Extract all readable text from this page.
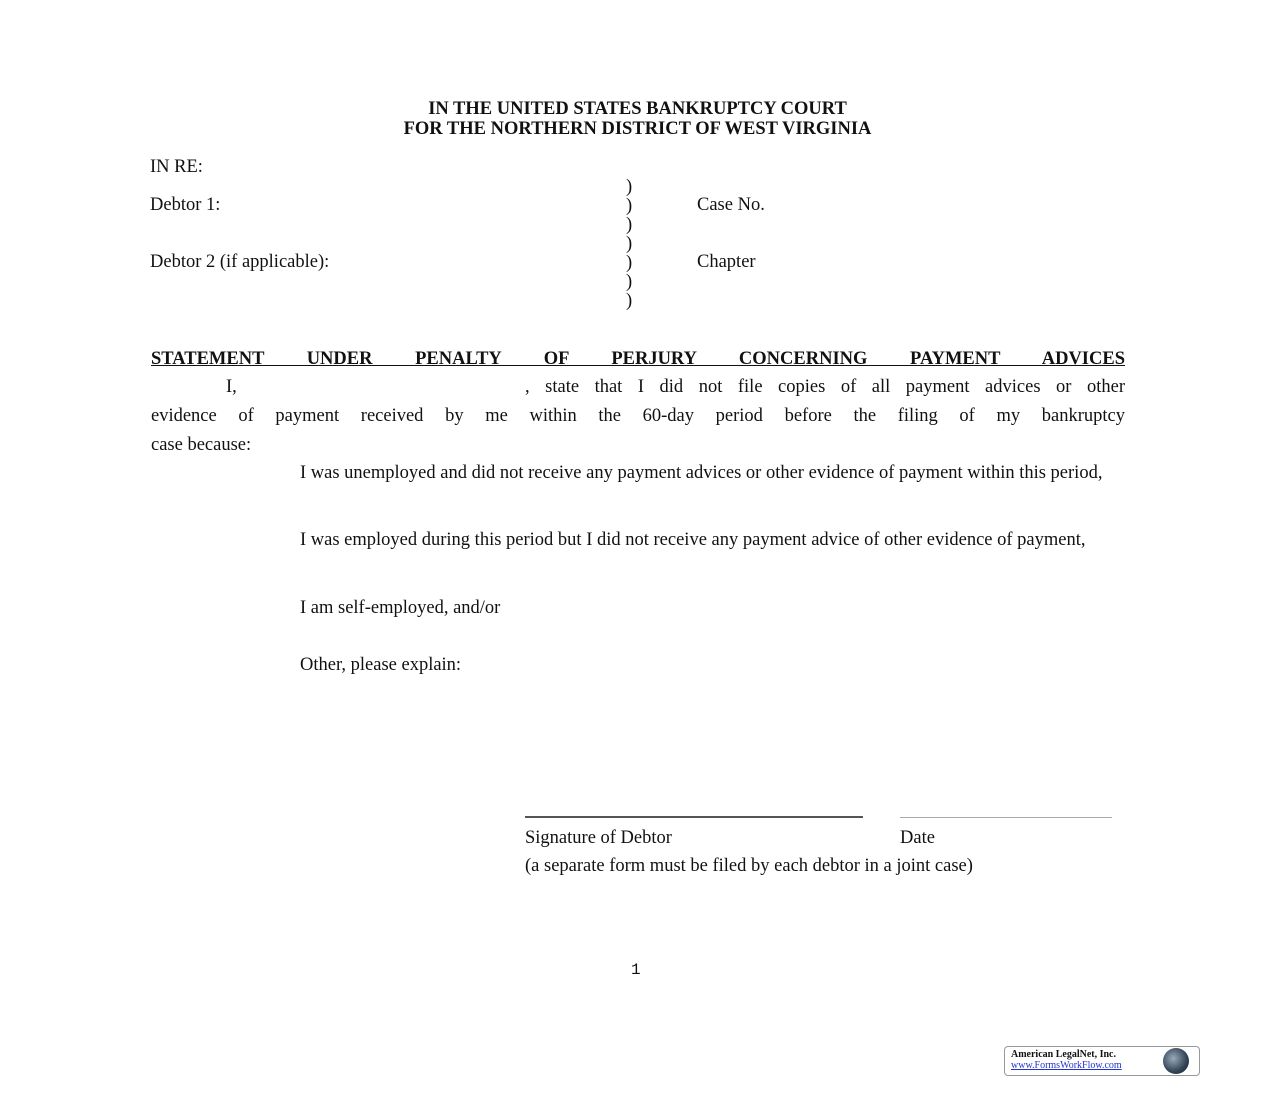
IN THE UNITED STATES BANKRUPTCY COURT
FOR THE NORTHERN DISTRICT OF WEST VIRGINIA
IN RE:
Debtor 1:
Debtor 2 (if applicable):
Case No.
Chapter
)
)
)
)
)
)
)
STATEMENT UNDER PENALTY OF PERJURY CONCERNING PAYMENT ADVICES
I,	, state that I did not file copies of all payment advices or other
evidence of payment received by me within the 60-day period before the filing of my bankruptcy
case because:
I was unemployed and did not receive any payment advices or other evidence of payment within this period,
I was employed during this period but I did not receive any payment advice of other evidence of payment,
I am self-employed, and/or
Other, please explain:
Signature of Debtor	Date
(a separate form must be filed by each debtor in a joint case)
1
American LegalNet, Inc.
www.FormsWorkFlow.com
